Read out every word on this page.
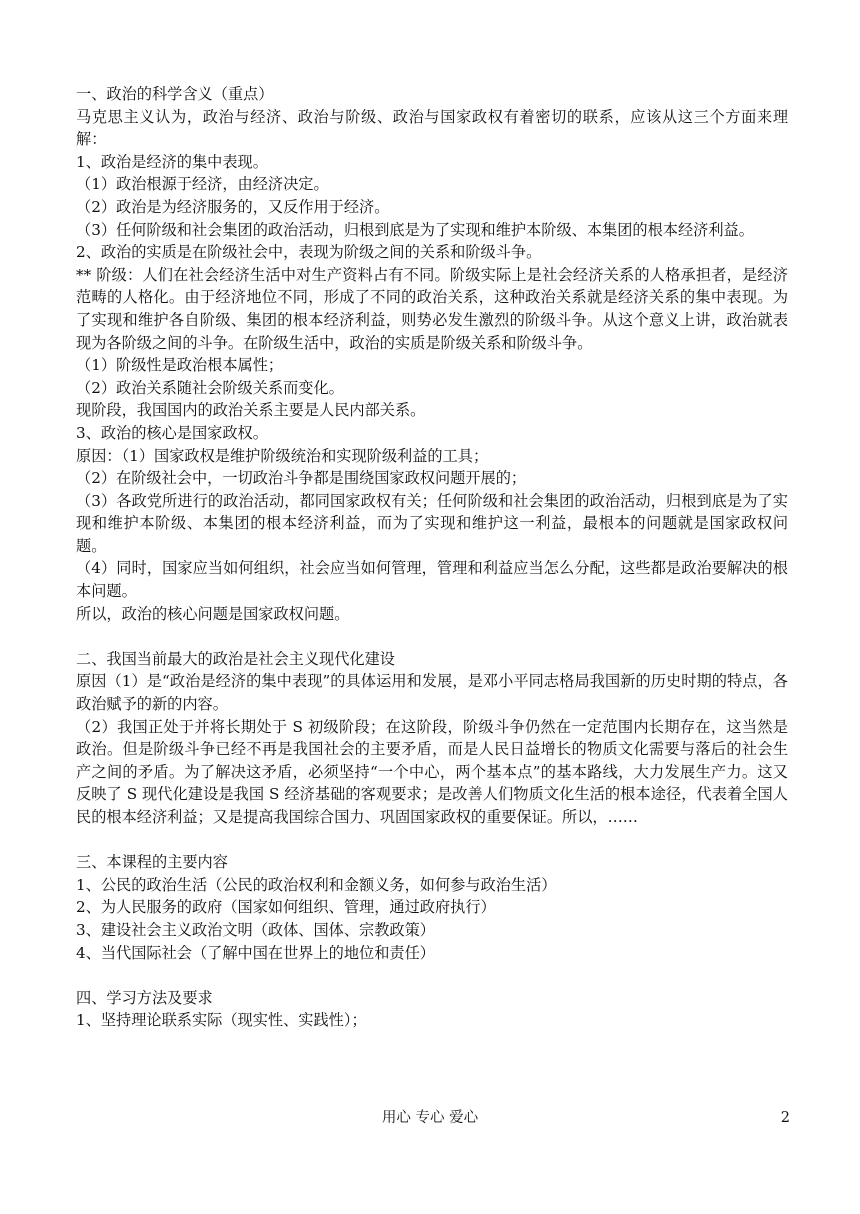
一、政治的科学含义（重点）

马克思主义认为，政治与经济、政治与阶级、政治与国家政权有着密切的联系，应该从这三个方面来理解：

1、政治是经济的集中表现。

（1）政治根源于经济，由经济决定。

（2）政治是为经济服务的，又反作用于经济。

（3）任何阶级和社会集团的政治活动，归根到底是为了实现和维护本阶级、本集团的根本经济利益。

2、政治的实质是在阶级社会中，表现为阶级之间的关系和阶级斗争。

** 阶级：人们在社会经济生活中对生产资料占有不同。阶级实际上是社会经济关系的人格承担者，是经济范畴的人格化。由于经济地位不同，形成了不同的政治关系，这种政治关系就是经济关系的集中表现。为了实现和维护各自阶级、集团的根本经济利益，则势必发生激烈的阶级斗争。从这个意义上讲，政治就表现为各阶级之间的斗争。在阶级生活中，政治的实质是阶级关系和阶级斗争。

（1）阶级性是政治根本属性；

（2）政治关系随社会阶级关系而变化。

现阶段，我国国内的政治关系主要是人民内部关系。

3、政治的核心是国家政权。

原因：（1）国家政权是维护阶级统治和实现阶级利益的工具；

（2）在阶级社会中，一切政治斗争都是围绕国家政权问题开展的；

（3）各政党所进行的政治活动，都同国家政权有关；任何阶级和社会集团的政治活动，归根到底是为了实现和维护本阶级、本集团的根本经济利益，而为了实现和维护这一利益，最根本的问题就是国家政权问题。

（4）同时，国家应当如何组织，社会应当如何管理，管理和利益应当怎么分配，这些都是政治要解决的根本问题。

所以，政治的核心问题是国家政权问题。

二、我国当前最大的政治是社会主义现代化建设

原因（1）是“政治是经济的集中表现”的具体运用和发展，是邓小平同志格局我国新的历史时期的特点，各政治赋予的新的内容。

（2）我国正处于并将长期处于 S 初级阶段；在这阶段，阶级斗争仍然在一定范围内长期存在，这当然是政治。但是阶级斗争已经不再是我国社会的主要矛盾，而是人民日益增长的物质文化需要与落后的社会生产之间的矛盾。为了解决这矛盾，必须坚持“一个中心，两个基本点”的基本路线，大力发展生产力。这又反映了 S 现代化建设是我国 S 经济基础的客观要求；是改善人们物质文化生活的根本途径，代表着全国人民的根本经济利益；又是提高我国综合国力、巩固国家政权的重要保证。所以，……

三、本课程的主要内容

1、公民的政治生活（公民的政治权利和金额义务，如何参与政治生活）

2、为人民服务的政府（国家如何组织、管理，通过政府执行）

3、建设社会主义政治文明（政体、国体、宗教政策）

4、当代国际社会（了解中国在世界上的地位和责任）

四、学习方法及要求

1、坚持理论联系实际（现实性、实践性）；

用心 专心 爱心	2
